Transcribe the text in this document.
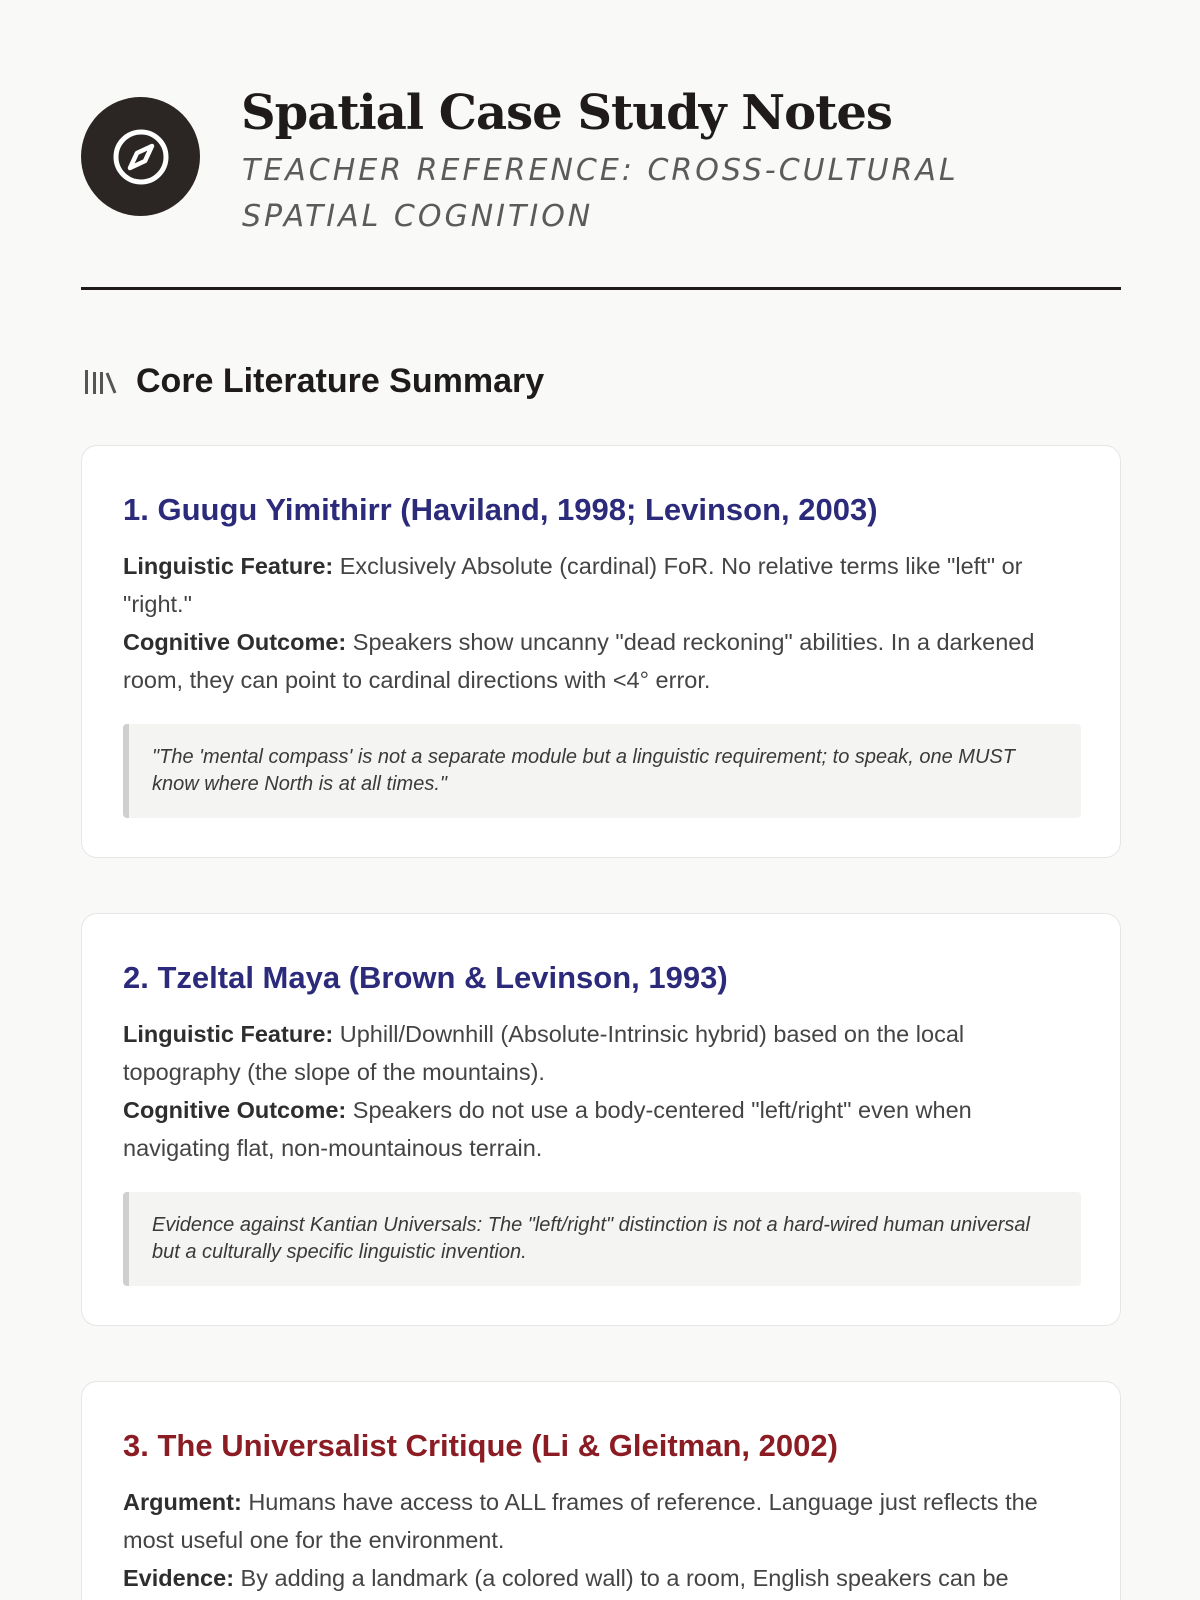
Spatial Case Study Notes
TEACHER REFERENCE: CROSS-CULTURAL SPATIAL COGNITION
Core Literature Summary
1. Guugu Yimithirr (Haviland, 1998; Levinson, 2003)

Linguistic Feature: Exclusively Absolute (cardinal) FoR. No relative terms like "left" or "right."

Cognitive Outcome: Speakers show uncanny "dead reckoning" abilities. In a darkened room, they can point to cardinal directions with <4° error.

"The 'mental compass' is not a separate module but a linguistic requirement; to speak, one MUST know where North is at all times."
2. Tzeltal Maya (Brown & Levinson, 1993)

Linguistic Feature: Uphill/Downhill (Absolute-Intrinsic hybrid) based on the local topography (the slope of the mountains).

Cognitive Outcome: Speakers do not use a body-centered "left/right" even when navigating flat, non-mountainous terrain.

Evidence against Kantian Universals: The "left/right" distinction is not a hard-wired human universal but a culturally specific linguistic invention.
3. The Universalist Critique (Li & Gleitman, 2002)

Argument: Humans have access to ALL frames of reference. Language just reflects the most useful one for the environment.

Evidence: By adding a landmark (a colored wall) to a room, English speakers can be
